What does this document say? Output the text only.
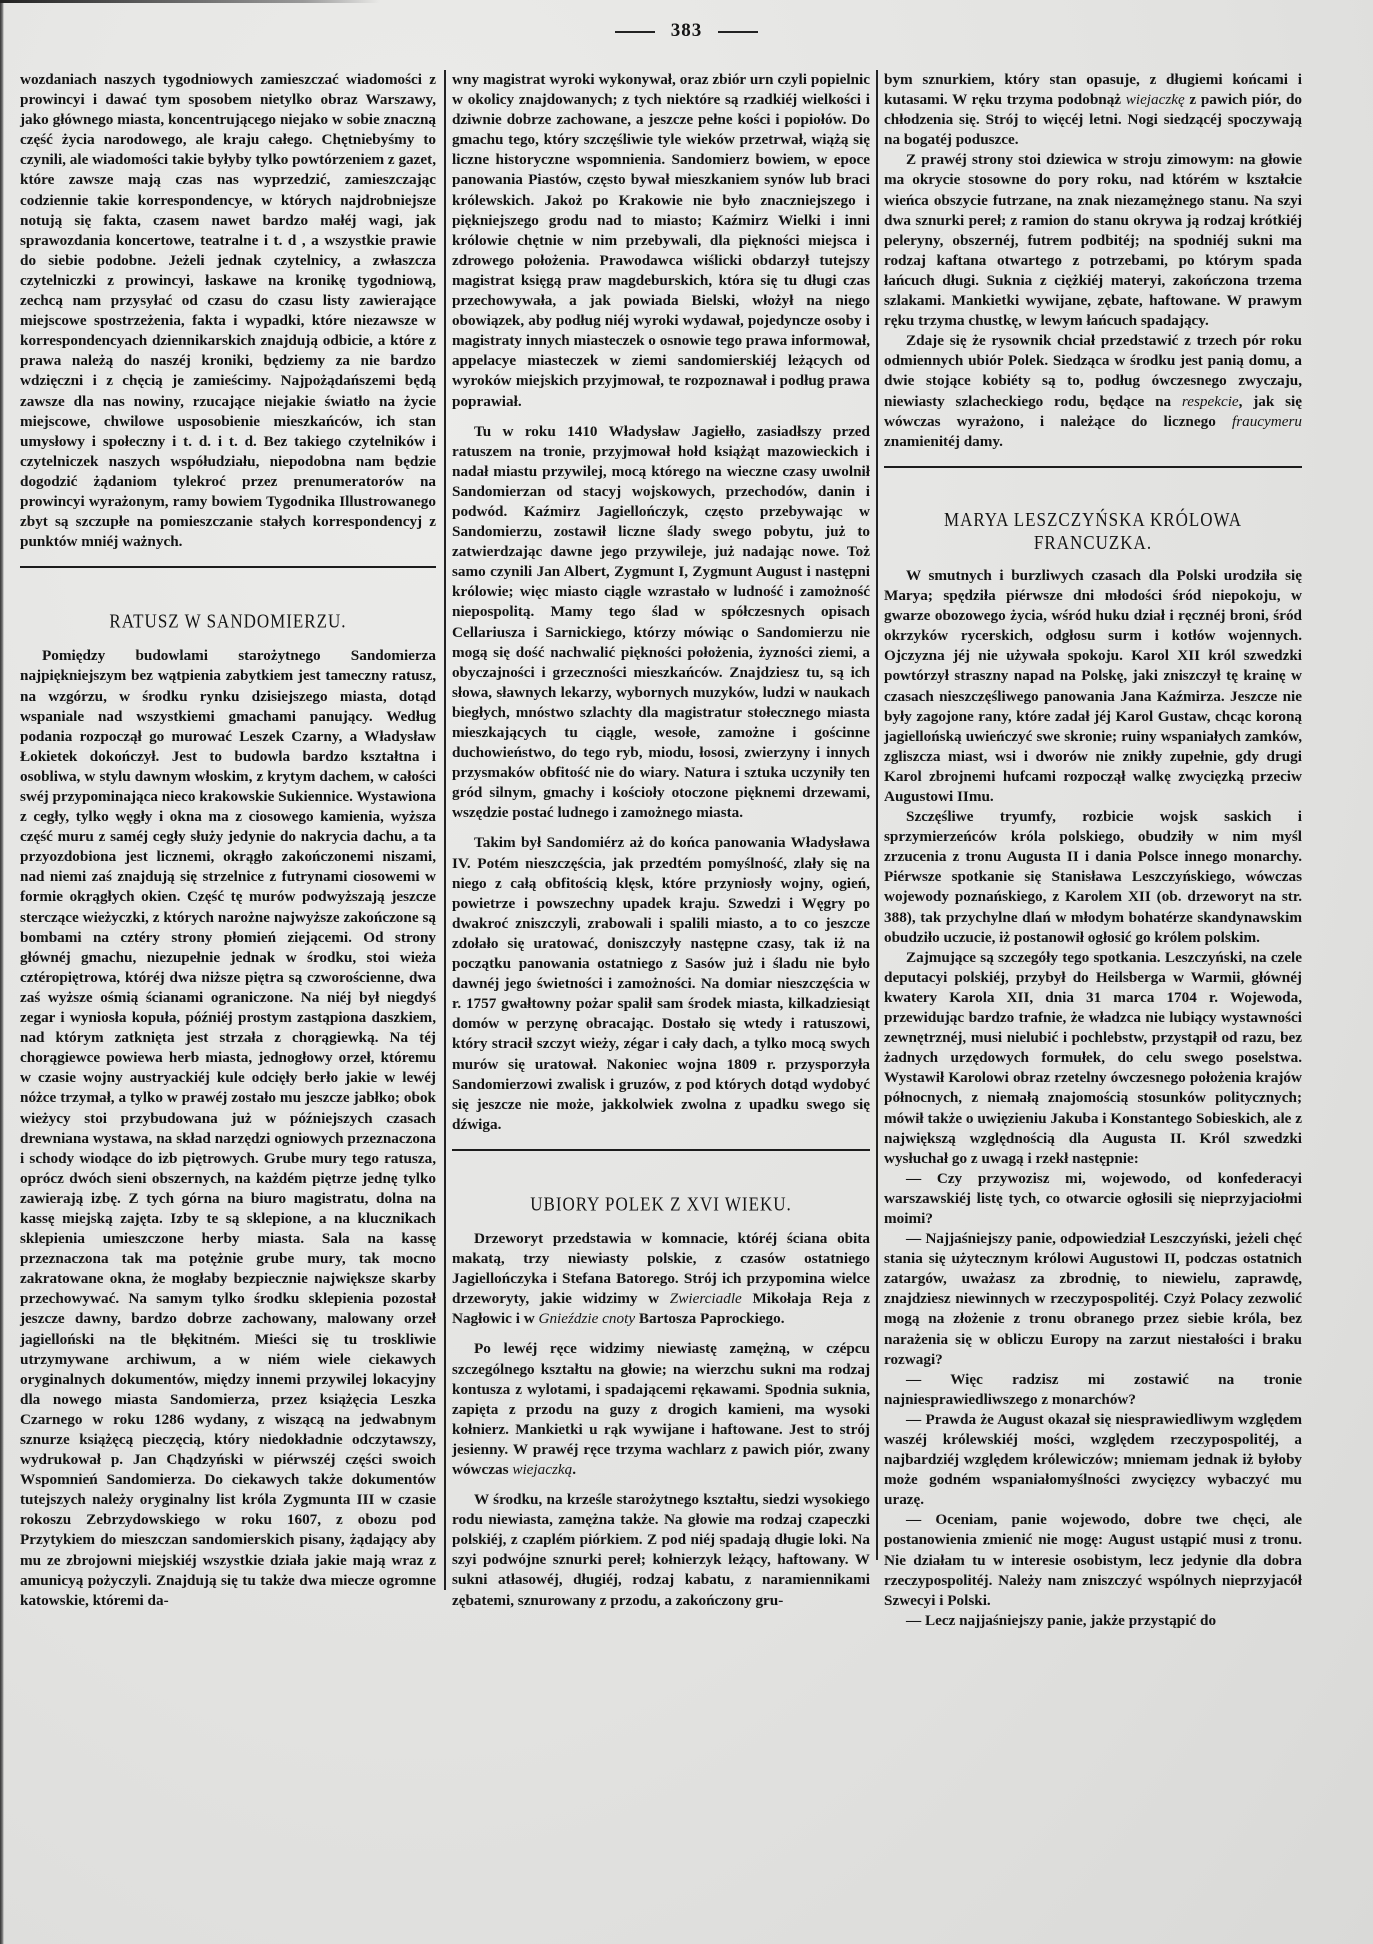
383

wozdaniach naszych tygodniowych zamieszczać wiadomości z prowincyi i dawać tym sposobem nietylko obraz Warszawy, jako głównego miasta, koncentrującego niejako w sobie znaczną część życia narodowego, ale kraju całego. Chętniebyśmy to czynili, ale wiadomości takie byłyby tylko powtórzeniem z gazet, które zawsze mają czas nas wyprzedzić, zamieszczając codziennie takie korrespondencye, w których najdrobniejsze notują się fakta, czasem nawet bardzo małéj wagi, jak sprawozdania koncertowe, teatralne i t. d , a wszystkie prawie do siebie podobne. Jeżeli jednak czytelnicy, a zwłaszcza czytelniczki z prowincyi, łaskawe na kronikę tygodniową, zechcą nam przysyłać od czasu do czasu listy zawierające miejscowe spostrzeżenia, fakta i wypadki, które niezawsze w korrespondencyach dziennikarskich znajdują odbicie, a które z prawa należą do naszéj kroniki, będziemy za nie bardzo wdzięczni i z chęcią je zamieścimy. Najpożądańszemi będą zawsze dla nas nowiny, rzucające niejakie światło na życie miejscowe, chwilowe usposobienie mieszkańców, ich stan umysłowy i społeczny i t. d. i t. d. Bez takiego czytelników i czytelniczek naszych współudziału, niepodobna nam będzie dogodzić żądaniom tylekroć przez prenumeratorów na prowincyi wyrażonym, ramy bowiem Tygodnika Illustrowanego zbyt są szczupłe na pomieszczanie stałych korrespondencyj z punktów mniéj ważnych.

RATUSZ W SANDOMIERZU.

Pomiędzy budowlami starożytnego Sandomierza najpiękniejszym bez wątpienia zabytkiem jest tameczny ratusz, na wzgórzu, w środku rynku dzisiejszego miasta, dotąd wspaniale nad wszystkiemi gmachami panujący. Według podania rozpoczął go murować Leszek Czarny, a Władysław Łokietek dokończył. Jest to budowla bardzo kształtna i osobliwa, w stylu dawnym włoskim, z krytym dachem, w całości swéj przypominająca nieco krakowskie Sukiennice. Wystawiona z cegły, tylko węgły i okna ma z ciosowego kamienia, wyższa część muru z saméj cegły służy jedynie do nakrycia dachu, a ta przyozdobiona jest licznemi, okrągło zakończonemi niszami, nad niemi zaś znajdują się strzelnice z futrynami ciosowemi w formie okrągłych okien. Część tę murów podwyższają jeszcze sterczące wieżyczki, z których narożne najwyższe zakończone są bombami na cztéry strony płomień ziejącemi. Od strony głównéj gmachu, niezupełnie jednak w środku, stoi wieża cztéropiętrowa, któréj dwa niższe piętra są czworościenne, dwa zaś wyższe ośmią ścianami ograniczone. Na niéj był niegdyś zegar i wyniosła kopuła, późniéj prostym zastąpiona daszkiem, nad którym zatknięta jest strzała z chorągiewką. Na téj chorągiewce powiewa herb miasta, jednogłowy orzeł, któremu w czasie wojny austryackiéj kule odcięły berło jakie w lewéj nóżce trzymał, a tylko w prawéj zostało mu jeszcze jabłko; obok wieżycy stoi przybudowana już w późniejszych czasach drewniana wystawa, na skład narzędzi ogniowych przeznaczona i schody wiodące do izb piętrowych. Grube mury tego ratusza, oprócz dwóch sieni obszernych, na każdém piętrze jednę tylko zawierają izbę. Z tych górna na biuro magistratu, dolna na kassę miejską zajęta. Izby te są sklepione, a na klucznikach sklepienia umieszczone herby miasta. Sala na kassę przeznaczona tak ma potężnie grube mury, tak mocno zakratowane okna, że mogłaby bezpiecznie największe skarby przechowywać. Na samym tylko środku sklepienia pozostał jeszcze dawny, bardzo dobrze zachowany, malowany orzeł jagielloński na tle błękitném. Mieści się tu troskliwie utrzymywane archiwum, a w niém wiele ciekawych oryginalnych dokumentów, między innemi przywilej lokacyjny dla nowego miasta Sandomierza, przez książęcia Leszka Czarnego w roku 1286 wydany, z wiszącą na jedwabnym sznurze książęcą pieczęcią, który niedokładnie odczytawszy, wydrukował p. Jan Chądzyński w piérwszéj części swoich Wspomnień Sandomierza. Do ciekawych także dokumentów tutejszych należy oryginalny list króla Zygmunta III w czasie rokoszu Zebrzydowskiego w roku 1607, z obozu pod Przytykiem do mieszczan sandomierskich pisany, żądający aby mu ze zbrojowni miejskiéj wszystkie działa jakie mają wraz z amunicyą pożyczyli. Znajdują się tu także dwa miecze ogromne katowskie, któremi da-

wny magistrat wyroki wykonywał, oraz zbiór urn czyli popielnic w okolicy znajdowanych; z tych niektóre są rzadkiéj wielkości i dziwnie dobrze zachowane, a jeszcze pełne kości i popiołów. Do gmachu tego, który szczęśliwie tyle wieków przetrwał, wiążą się liczne historyczne wspomnienia. Sandomierz bowiem, w epoce panowania Piastów, często bywał mieszkaniem synów lub braci królewskich. Jakoż po Krakowie nie było znaczniejszego i piękniejszego grodu nad to miasto; Kaźmirz Wielki i inni królowie chętnie w nim przebywali, dla piękności miejsca i zdrowego położenia. Prawodawca wiślicki obdarzył tutejszy magistrat księgą praw magdeburskich, która się tu długi czas przechowywała, a jak powiada Bielski, włożył na niego obowiązek, aby podług niéj wyroki wydawał, pojedyncze osoby i magistraty innych miasteczek o osnowie tego prawa informował, appelacye miasteczek w ziemi sandomierskiéj leżących od wyroków miejskich przyjmował, te rozpoznawał i podług prawa poprawiał.

Tu w roku 1410 Władysław Jagiełło, zasiadłszy przed ratuszem na tronie, przyjmował hołd książąt mazowieckich i nadał miastu przywilej, mocą którego na wieczne czasy uwolnił Sandomierzan od stacyj wojskowych, przechodów, danin i podwód. Kaźmirz Jagiellończyk, często przebywając w Sandomierzu, zostawił liczne ślady swego pobytu, już to zatwierdzając dawne jego przywileje, już nadając nowe. Toż samo czynili Jan Albert, Zygmunt I, Zygmunt August i następni królowie; więc miasto ciągle wzrastało w ludność i zamożność niepospolitą. Mamy tego ślad w spółczesnych opisach Cellariusza i Sarnickiego, którzy mówiąc o Sandomierzu nie mogą się dość nachwalić piękności położenia, żyzności ziemi, a obyczajności i grzeczności mieszkańców. Znajdziesz tu, są ich słowa, sławnych lekarzy, wybornych muzyków, ludzi w naukach biegłych, mnóstwo szlachty dla magistratur stołecznego miasta mieszkających tu ciągle, wesołe, zamożne i gościnne duchowieństwo, do tego ryb, miodu, łososi, zwierzyny i innych przysmaków obfitość nie do wiary. Natura i sztuka uczyniły ten gród silnym, gmachy i kościoły otoczone pięknemi drzewami, wszędzie postać ludnego i zamożnego miasta.

Takim był Sandomiérz aż do końca panowania Władysława IV. Potém nieszczęścia, jak przedtém pomyślność, zlały się na niego z całą obfitością klęsk, które przyniosły wojny, ogień, powietrze i powszechny upadek kraju. Szwedzi i Węgry po dwakroć zniszczyli, zrabowali i spalili miasto, a to co jeszcze zdołało się uratować, doniszczyły następne czasy, tak iż na początku panowania ostatniego z Sasów już i śladu nie było dawnéj jego świetności i zamożności. Na domiar nieszczęścia w r. 1757 gwałtowny pożar spalił sam środek miasta, kilkadziesiąt domów w perzynę obracając. Dostało się wtedy i ratuszowi, który stracił szczyt wieży, zégar i cały dach, a tylko mocą swych murów się uratował. Nakoniec wojna 1809 r. przysporzyła Sandomierzowi zwalisk i gruzów, z pod których dotąd wydobyć się jeszcze nie może, jakkolwiek zwolna z upadku swego się dźwiga.

UBIORY POLEK Z XVI WIEKU.

Drzeworyt przedstawia w komnacie, któréj ściana obita makatą, trzy niewiasty polskie, z czasów ostatniego Jagiellończyka i Stefana Batorego. Strój ich przypomina wielce drzeworyty, jakie widzimy w Zwierciadle Mikołaja Reja z Nagłowic i w Gnieździe cnoty Bartosza Paprockiego.

Po lewéj ręce widzimy niewiastę zamężną, w czépcu szczególnego kształtu na głowie; na wierzchu sukni ma rodzaj kontusza z wylotami, i spadającemi rękawami. Spodnia suknia, zapięta z przodu na guzy z drogich kamieni, ma wysoki kołnierz. Mankietki u rąk wywijane i haftowane. Jest to strój jesienny. W prawéj ręce trzyma wachlarz z pawich piór, zwany wówczas wiejaczką.

W środku, na krześle starożytnego kształtu, siedzi wysokiego rodu niewiasta, zamężna także. Na głowie ma rodzaj czapeczki polskiéj, z czaplém piórkiem. Z pod niéj spadają długie loki. Na szyi podwójne sznurki pereł; kołnierzyk leżący, haftowany. W sukni atłasowéj, długiéj, rodzaj kabatu, z naramiennikami zębatemi, sznurowany z przodu, a zakończony gru-

bym sznurkiem, który stan opasuje, z długiemi końcami i kutasami. W ręku trzyma podobnąż wiejaczkę z pawich piór, do chłodzenia się. Strój to więcéj letni. Nogi siedzącéj spoczywają na bogatéj poduszce.

Z prawéj strony stoi dziewica w stroju zimowym: na głowie ma okrycie stosowne do pory roku, nad którém w kształcie wieńca obszycie futrzane, na znak niezamężnego stanu. Na szyi dwa sznurki pereł; z ramion do stanu okrywa ją rodzaj krótkiéj peleryny, obszernéj, futrem podbitéj; na spodniéj sukni ma rodzaj kaftana otwartego z potrzebami, po którym spada łańcuch długi. Suknia z ciężkiéj materyi, zakończona trzema szlakami. Mankietki wywijane, zębate, haftowane. W prawym ręku trzyma chustkę, w lewym łańcuch spadający.

Zdaje się że rysownik chciał przedstawić z trzech pór roku odmiennych ubiór Polek. Siedząca w środku jest panią domu, a dwie stojące kobiéty są to, podług ówczesnego zwyczaju, niewiasty szlacheckiego rodu, będące na respekcie, jak się wówczas wyrażono, i należące do licznego fraucymeru znamienitéj damy.

MARYA LESZCZYŃSKA KRÓLOWA FRANCUZKA.

W smutnych i burzliwych czasach dla Polski urodziła się Marya; spędziła piérwsze dni młodości śród niepokoju, w gwarze obozowego życia, wśród huku dział i ręcznéj broni, śród okrzyków rycerskich, odgłosu surm i kotłów wojennych. Ojczyzna jéj nie używała spokoju. Karol XII król szwedzki powtórzył straszny napad na Polskę, jaki zniszczył tę krainę w czasach nieszczęśliwego panowania Jana Kaźmirza. Jeszcze nie były zagojone rany, które zadał jéj Karol Gustaw, chcąc koroną jagiellońską uwieńczyć swe skronie; ruiny wspaniałych zamków, zgliszcza miast, wsi i dworów nie znikły zupełnie, gdy drugi Karol zbrojnemi hufcami rozpoczął walkę zwycięzką przeciw Augustowi IImu.

Szczęśliwe tryumfy, rozbicie wojsk saskich i sprzymierzeńców króla polskiego, obudziły w nim myśl zrzucenia z tronu Augusta II i dania Polsce innego monarchy. Piérwsze spotkanie się Stanisława Leszczyńskiego, wówczas wojewody poznańskiego, z Karolem XII (ob. drzeworyt na str. 388), tak przychylne dlań w młodym bohatérze skandynawskim obudziło uczucie, iż postanowił ogłosić go królem polskim.

Zajmujące są szczegóły tego spotkania. Leszczyński, na czele deputacyi polskiéj, przybył do Heilsberga w Warmii, głównéj kwatery Karola XII, dnia 31 marca 1704 r. Wojewoda, przewidując bardzo trafnie, że władzca nie lubiący wystawności zewnętrznéj, musi nielubić i pochlebstw, przystąpił od razu, bez żadnych urzędowych formułek, do celu swego poselstwa. Wystawił Karolowi obraz rzetelny ówczesnego położenia krajów północnych, z niemałą znajomością stosunków politycznych; mówił także o uwięzieniu Jakuba i Konstantego Sobieskich, ale z największą względnością dla Augusta II. Król szwedzki wysłuchał go z uwagą i rzekł następnie:

— Czy przywozisz mi, wojewodo, od konfederacyi warszawskiéj listę tych, co otwarcie ogłosili się nieprzyjaciołmi moimi?

— Najjaśniejszy panie, odpowiedział Leszczyński, jeżeli chęć stania się użytecznym królowi Augustowi II, podczas ostatnich zatargów, uważasz za zbrodnię, to niewielu, zaprawdę, znajdziesz niewinnych w rzeczypospolitéj. Czyż Polacy zezwolić mogą na złożenie z tronu obranego przez siebie króla, bez narażenia się w obliczu Europy na zarzut niestałości i braku rozwagi?

— Więc radzisz mi zostawić na tronie najniesprawiedliwszego z monarchów?

— Prawda że August okazał się niesprawiedliwym względem waszéj królewskiéj mości, względem rzeczypospolitéj, a najbardziéj względem królewiczów; mniemam jednak iż byłoby może godném wspaniałomyślności zwycięzcy wybaczyć mu urazę.

— Oceniam, panie wojewodo, dobre twe chęci, ale postanowienia zmienić nie mogę: August ustąpić musi z tronu. Nie działam tu w interesie osobistym, lecz jedynie dla dobra rzeczypospolitéj. Należy nam zniszczyć wspólnych nieprzyjacół Szwecyi i Polski.

— Lecz najjaśniejszy panie, jakże przystąpić do
